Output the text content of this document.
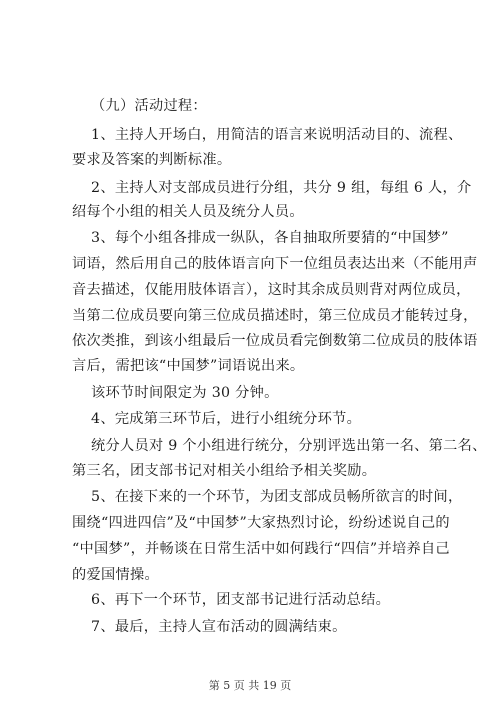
（九）活动过程：
1、主持人开场白，用简洁的语言来说明活动目的、流程、
要求及答案的判断标准。
2、主持人对支部成员进行分组，共分 9 组，每组 6 人，介
绍每个小组的相关人员及统分人员。
3、每个小组各排成一纵队，各自抽取所要猜的“中国梦”
词语，然后用自己的肢体语言向下一位组员表达出来（不能用声
音去描述，仅能用肢体语言），这时其余成员则背对两位成员，
当第二位成员要向第三位成员描述时，第三位成员才能转过身，
依次类推，到该小组最后一位成员看完倒数第二位成员的肢体语
言后，需把该“中国梦”词语说出来。
该环节时间限定为 30 分钟。
4、完成第三环节后，进行小组统分环节。
统分人员对 9 个小组进行统分，分别评选出第一名、第二名、
第三名，团支部书记对相关小组给予相关奖励。
5、在接下来的一个环节，为团支部成员畅所欲言的时间，
围绕“四进四信”及“中国梦”大家热烈讨论，纷纷述说自己的
“中国梦”，并畅谈在日常生活中如何践行“四信”并培养自己
的爱国情操。
6、再下一个环节，团支部书记进行活动总结。
7、最后，主持人宣布活动的圆满结束。
第 5 页 共 19 页
